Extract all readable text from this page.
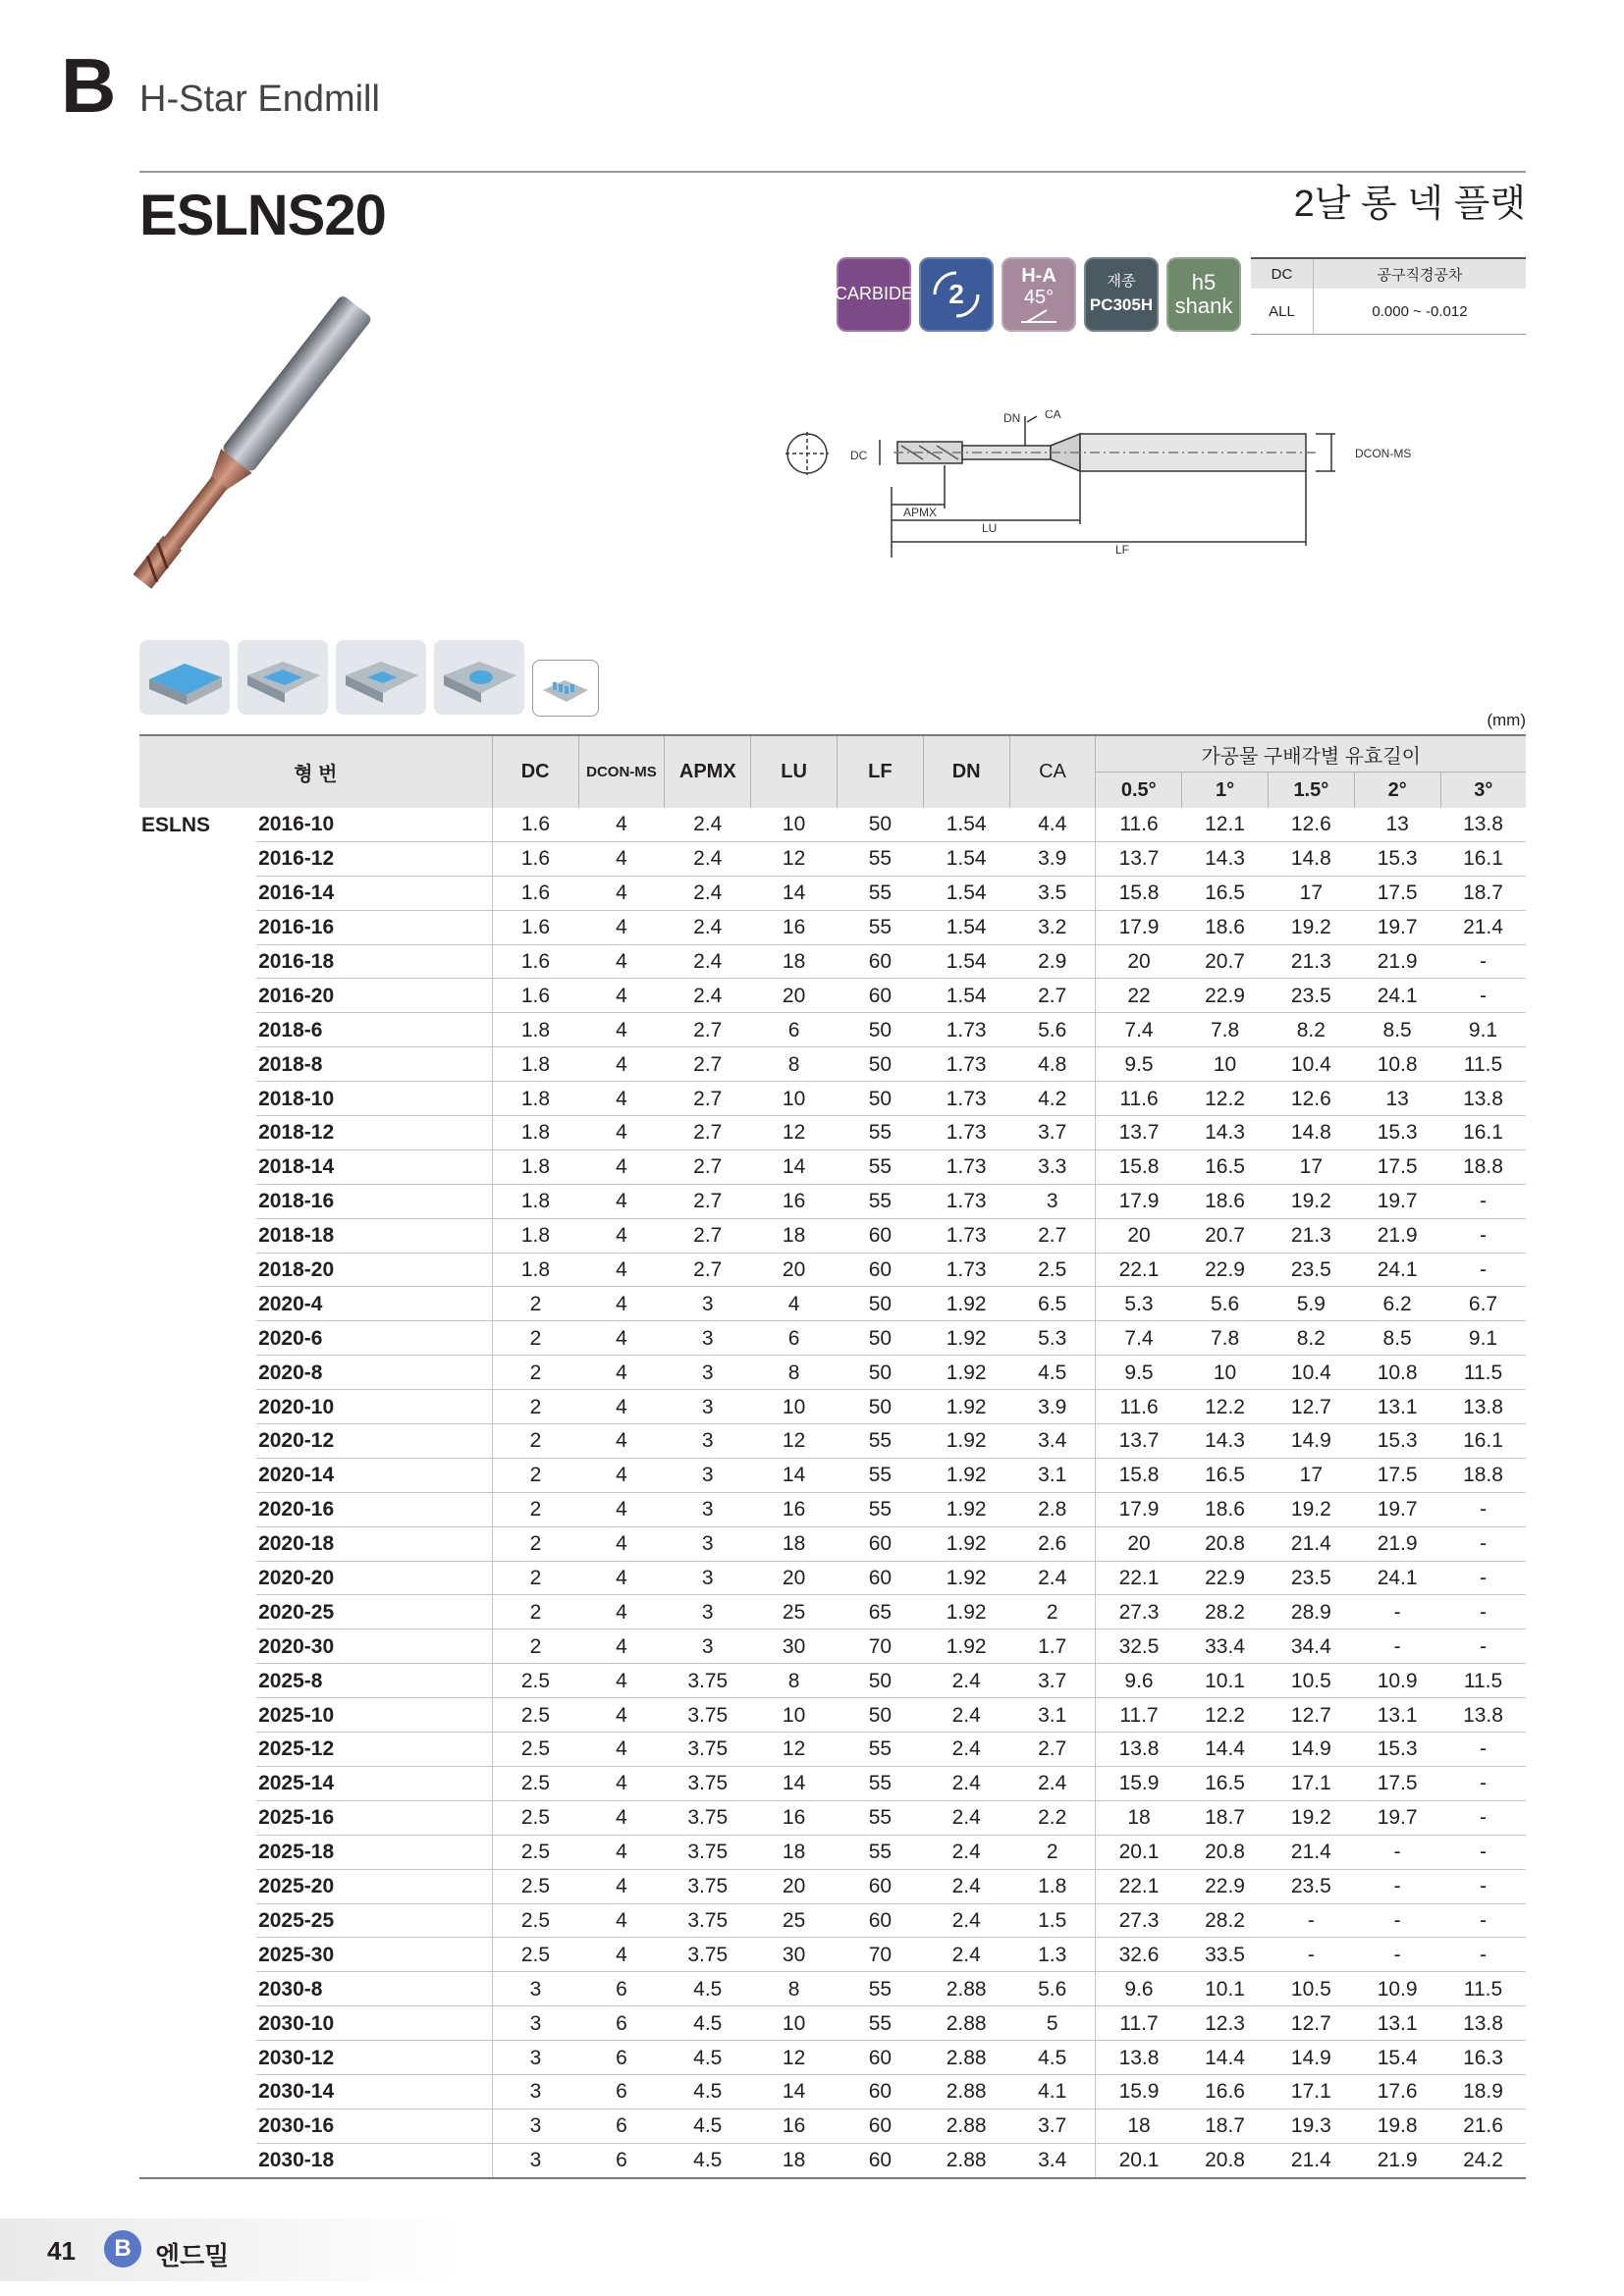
B H-Star Endmill
ESLNS20	2날 롱 넥 플랫
CARBIDE 2
H-A
45°
재종
PC305H
h5
shank
DC	공구직경공차
ALL	0.000 ~ -0.012
DC
DN CA
APMX
LU
LF
DCON-MS
(mm)
형 번		DC	DCON-MS	APMX	LU	LF	DN	CA	가공물 구배각별 유효길이				
									0.5°	1°	1.5°	2°	3°
ESLNS	2016-10	1.6	4	2.4	10	50	1.54	4.4	11.6	12.1	12.6	13	13.8
	2016-12	1.6	4	2.4	12	55	1.54	3.9	13.7	14.3	14.8	15.3	16.1
	2016-14	1.6	4	2.4	14	55	1.54	3.5	15.8	16.5	17	17.5	18.7
	2016-16	1.6	4	2.4	16	55	1.54	3.2	17.9	18.6	19.2	19.7	21.4
	2016-18	1.6	4	2.4	18	60	1.54	2.9	20	20.7	21.3	21.9	-
	2016-20	1.6	4	2.4	20	60	1.54	2.7	22	22.9	23.5	24.1	-
	2018-6	1.8	4	2.7	6	50	1.73	5.6	7.4	7.8	8.2	8.5	9.1
	2018-8	1.8	4	2.7	8	50	1.73	4.8	9.5	10	10.4	10.8	11.5
	2018-10	1.8	4	2.7	10	50	1.73	4.2	11.6	12.2	12.6	13	13.8
	2018-12	1.8	4	2.7	12	55	1.73	3.7	13.7	14.3	14.8	15.3	16.1
	2018-14	1.8	4	2.7	14	55	1.73	3.3	15.8	16.5	17	17.5	18.8
	2018-16	1.8	4	2.7	16	55	1.73	3	17.9	18.6	19.2	19.7	-
	2018-18	1.8	4	2.7	18	60	1.73	2.7	20	20.7	21.3	21.9	-
	2018-20	1.8	4	2.7	20	60	1.73	2.5	22.1	22.9	23.5	24.1	-
	2020-4	2	4	3	4	50	1.92	6.5	5.3	5.6	5.9	6.2	6.7
	2020-6	2	4	3	6	50	1.92	5.3	7.4	7.8	8.2	8.5	9.1
	2020-8	2	4	3	8	50	1.92	4.5	9.5	10	10.4	10.8	11.5
	2020-10	2	4	3	10	50	1.92	3.9	11.6	12.2	12.7	13.1	13.8
	2020-12	2	4	3	12	55	1.92	3.4	13.7	14.3	14.9	15.3	16.1
	2020-14	2	4	3	14	55	1.92	3.1	15.8	16.5	17	17.5	18.8
	2020-16	2	4	3	16	55	1.92	2.8	17.9	18.6	19.2	19.7	-
	2020-18	2	4	3	18	60	1.92	2.6	20	20.8	21.4	21.9	-
	2020-20	2	4	3	20	60	1.92	2.4	22.1	22.9	23.5	24.1	-
	2020-25	2	4	3	25	65	1.92	2	27.3	28.2	28.9	-	-
	2020-30	2	4	3	30	70	1.92	1.7	32.5	33.4	34.4	-	-
	2025-8	2.5	4	3.75	8	50	2.4	3.7	9.6	10.1	10.5	10.9	11.5
	2025-10	2.5	4	3.75	10	50	2.4	3.1	11.7	12.2	12.7	13.1	13.8
	2025-12	2.5	4	3.75	12	55	2.4	2.7	13.8	14.4	14.9	15.3	-
	2025-14	2.5	4	3.75	14	55	2.4	2.4	15.9	16.5	17.1	17.5	-
	2025-16	2.5	4	3.75	16	55	2.4	2.2	18	18.7	19.2	19.7	-
	2025-18	2.5	4	3.75	18	55	2.4	2	20.1	20.8	21.4	-	-
	2025-20	2.5	4	3.75	20	60	2.4	1.8	22.1	22.9	23.5	-	-
	2025-25	2.5	4	3.75	25	60	2.4	1.5	27.3	28.2	-	-	-
	2025-30	2.5	4	3.75	30	70	2.4	1.3	32.6	33.5	-	-	-
	2030-8	3	6	4.5	8	55	2.88	5.6	9.6	10.1	10.5	10.9	11.5
	2030-10	3	6	4.5	10	55	2.88	5	11.7	12.3	12.7	13.1	13.8
	2030-12	3	6	4.5	12	60	2.88	4.5	13.8	14.4	14.9	15.4	16.3
	2030-14	3	6	4.5	14	60	2.88	4.1	15.9	16.6	17.1	17.6	18.9
	2030-16	3	6	4.5	16	60	2.88	3.7	18	18.7	19.3	19.8	21.6
	2030-18	3	6	4.5	18	60	2.88	3.4	20.1	20.8	21.4	21.9	24.2
41	B 엔드밀
